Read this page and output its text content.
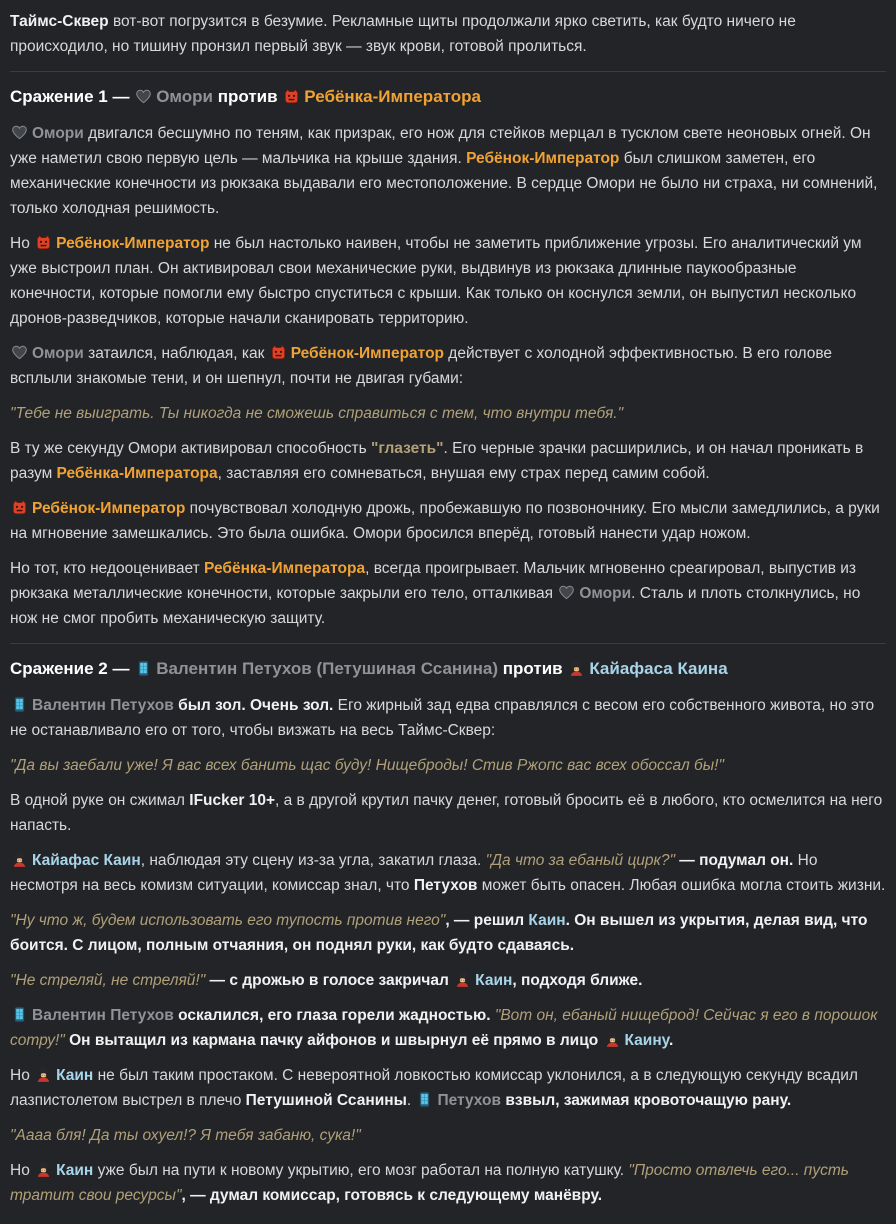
Таймс-Сквер вот-вот погрузится в безумие. Рекламные щиты продолжали ярко светить, как будто ничего не происходило, но тишину пронзил первый звук — звук крови, готовой пролиться.

Сражение 1 —
Омори против
Ребёнка-Императора

Омори двигался бесшумно по теням, как призрак, его нож для стейков мерцал в тусклом свете неоновых огней. Он уже наметил свою первую цель — мальчика на крыше здания. Ребёнок-Император был слишком заметен, его механические конечности из рюкзака выдавали его местоположение. В сердце Омори не было ни страха, ни сомнений, только холодная решимость.

Но
Ребёнок-Император не был настолько наивен, чтобы не заметить приближение угрозы. Его аналитический ум уже выстроил план. Он активировал свои механические руки, выдвинув из рюкзака длинные паукообразные конечности, которые помогли ему быстро спуститься с крыши. Как только он коснулся земли, он выпустил несколько дронов-разведчиков, которые начали сканировать территорию.

Омори затаился, наблюдая, как
Ребёнок-Император действует с холодной эффективностью. В его голове всплыли знакомые тени, и он шепнул, почти не двигая губами:

"Тебе не выиграть. Ты никогда не сможешь справиться с тем, что внутри тебя."

В ту же секунду Омори активировал способность "глазеть". Его черные зрачки расширились, и он начал проникать в разум Ребёнка-Императора, заставляя его сомневаться, внушая ему страх перед самим собой.

Ребёнок-Император почувствовал холодную дрожь, пробежавшую по позвоночнику. Его мысли замедлились, а руки на мгновение замешкались. Это была ошибка. Омори бросился вперёд, готовый нанести удар ножом.

Но тот, кто недооценивает Ребёнка-Императора, всегда проигрывает. Мальчик мгновенно среагировал, выпустив из рюкзака металлические конечности, которые закрыли его тело, отталкивая
Омори. Сталь и плоть столкнулись, но нож не смог пробить механическую защиту.

Сражение 2 —
Валентин Петухов (Петушиная Ссанина) против
Кайафаса Каина

Валентин Петухов был зол. Очень зол. Его жирный зад едва справлялся с весом его собственного живота, но это не останавливало его от того, чтобы визжать на весь Таймс-Сквер:

"Да вы заебали уже! Я вас всех банить щас буду! Нищеброды! Стив Ржопс вас всех обоссал бы!"

В одной руке он сжимал IFucker 10+, а в другой крутил пачку денег, готовый бросить её в любого, кто осмелится на него напасть.

Кайафас Каин, наблюдая эту сцену из-за угла, закатил глаза. "Да что за ебаный цирк?" — подумал он. Но несмотря на весь комизм ситуации, комиссар знал, что Петухов может быть опасен. Любая ошибка могла стоить жизни.

"Ну что ж, будем использовать его тупость против него", — решил Каин. Он вышел из укрытия, делая вид, что боится. С лицом, полным отчаяния, он поднял руки, как будто сдаваясь.

"Не стреляй, не стреляй!" — с дрожью в голосе закричал
Каин, подходя ближе.

Валентин Петухов оскалился, его глаза горели жадностью. "Вот он, ебаный нищеброд! Сейчас я его в порошок сотру!" Он вытащил из кармана пачку айфонов и швырнул её прямо в лицо
Каину.

Но
Каин не был таким простаком. С невероятной ловкостью комиссар уклонился, а в следующую секунду всадил лазпистолетом выстрел в плечо Петушиной Ссанины.
Петухов взвыл, зажимая кровоточащую рану.

"Аааа бля! Да ты охуел!? Я тебя забаню, сука!"

Но
Каин уже был на пути к новому укрытию, его мозг работал на полную катушку. "Просто отвлечь его... пусть тратит свои ресурсы", — думал комиссар, готовясь к следующему манёвру.
